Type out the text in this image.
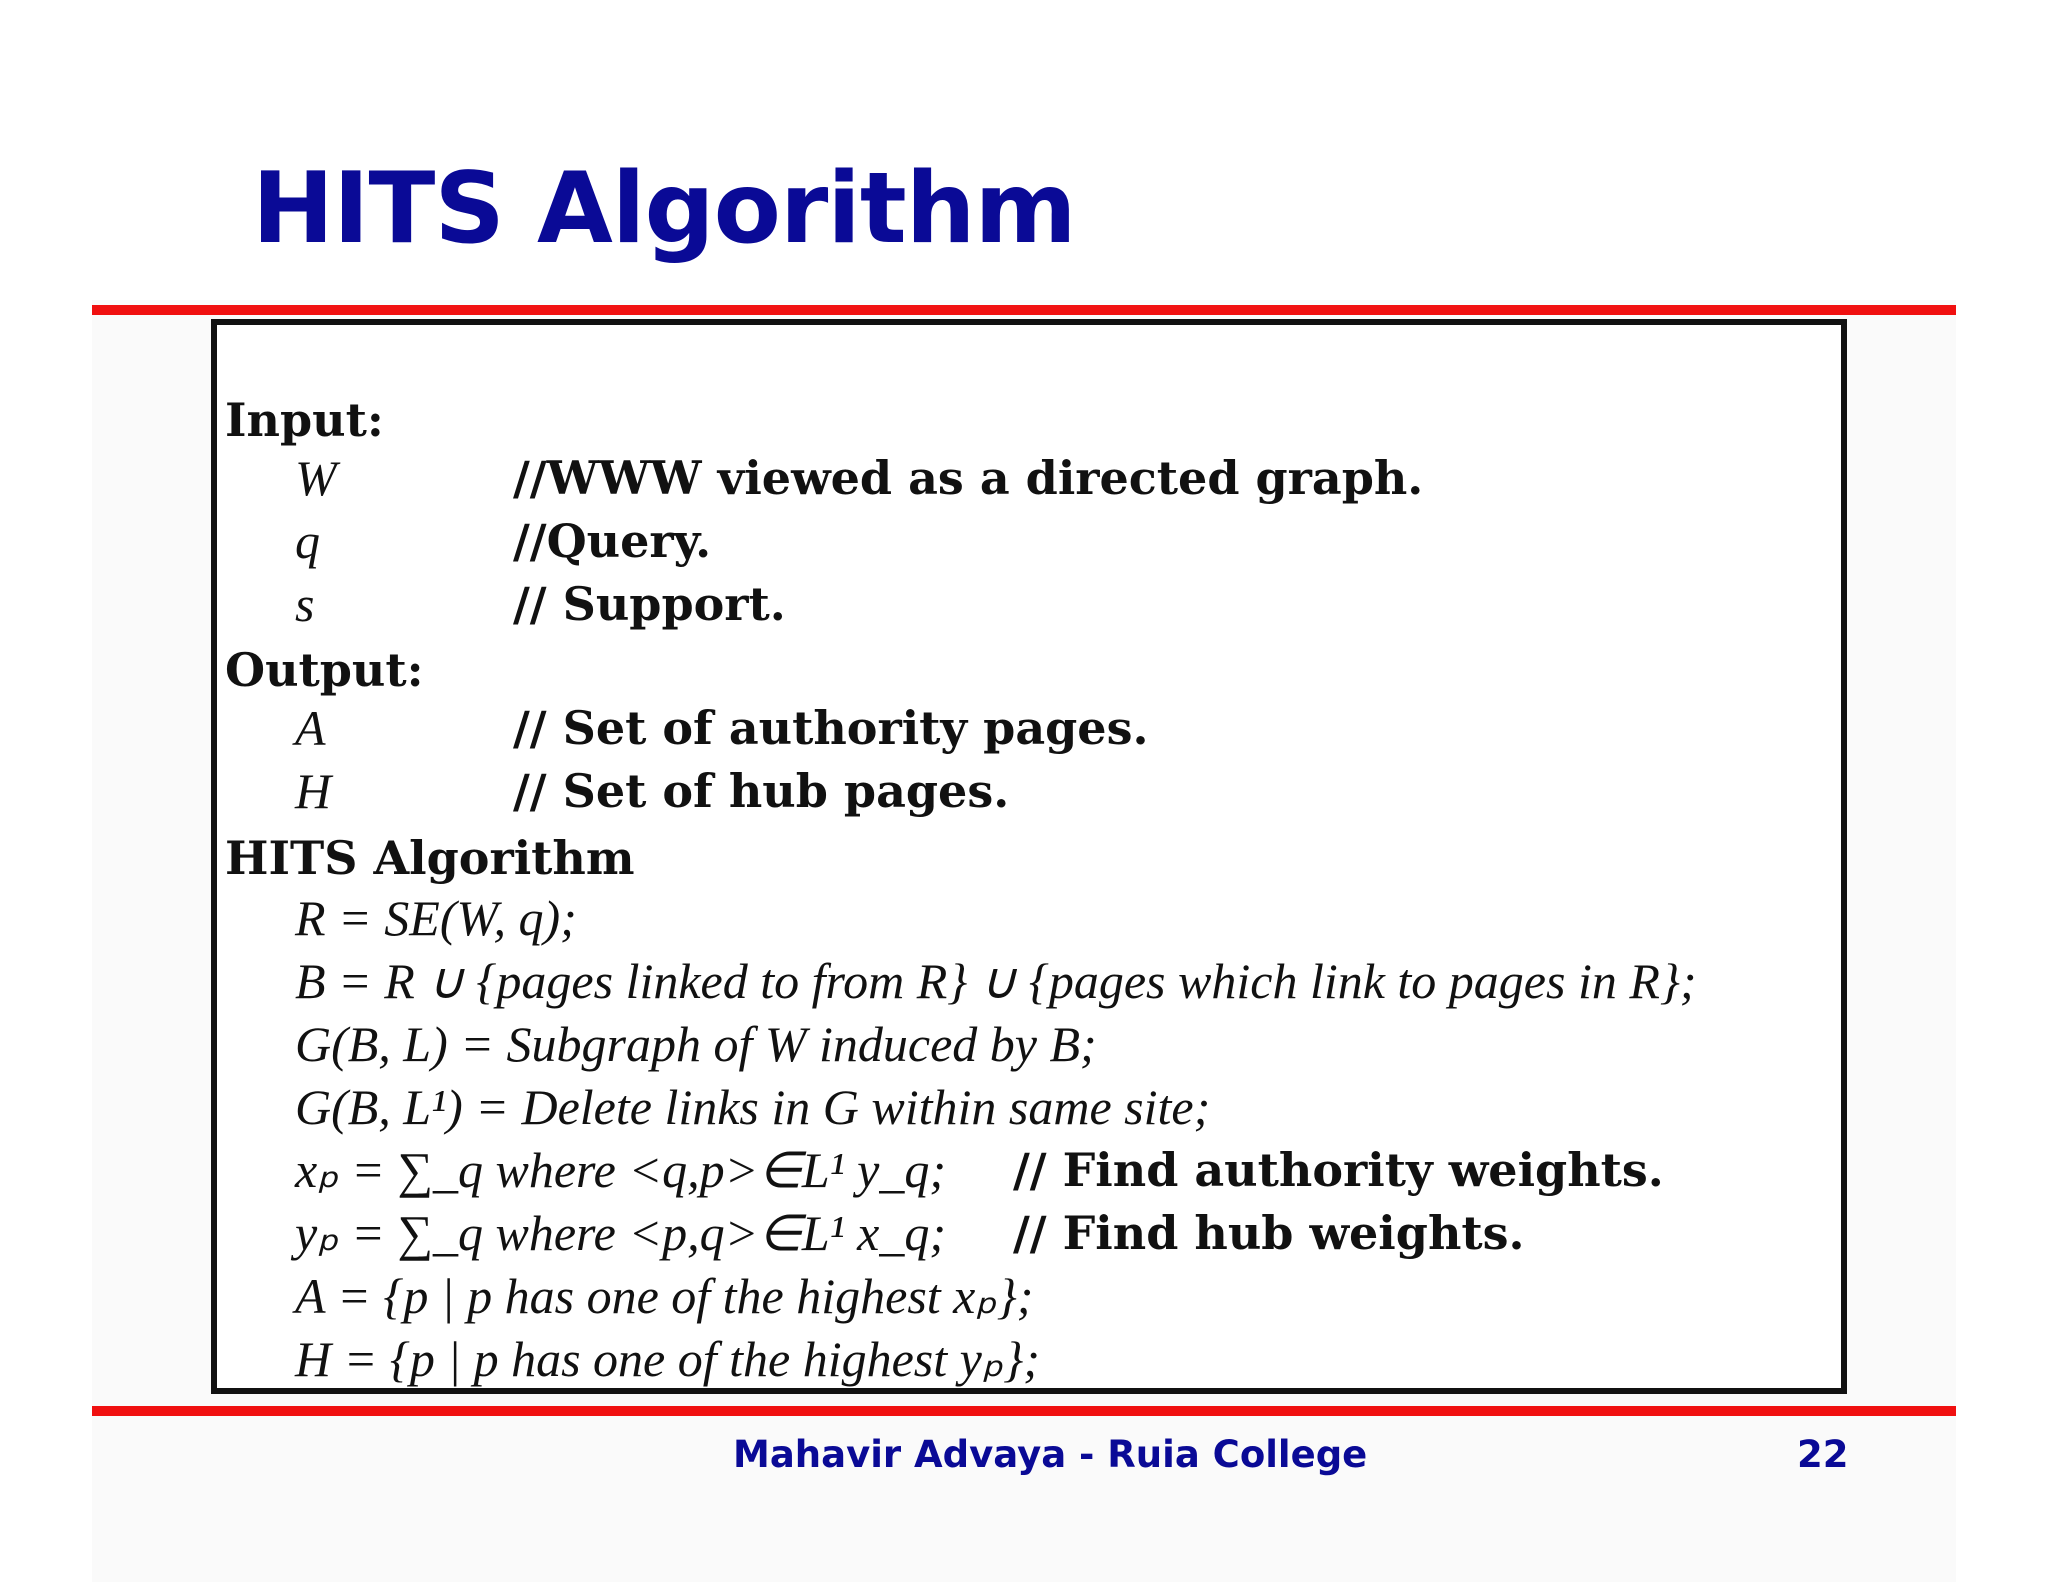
HITS Algorithm
Input:
W	//WWW viewed as a directed graph.
q	//Query.
s	// Support.
Output:
A	// Set of authority pages.
H	// Set of hub pages.
HITS Algorithm
R = SE(W, q);
B = R ∪ {pages linked to from R} ∪ {pages which link to pages in R};
G(B, L) = Subgraph of W induced by B;
G(B, L¹) = Delete links in G within same site;
xₚ = ∑_q where <q,p>∈L¹ y_q; // Find authority weights.
yₚ = ∑_q where <p,q>∈L¹ x_q; // Find hub weights.
A = {p | p has one of the highest xₚ};
H = {p | p has one of the highest yₚ};
Mahavir Advaya - Ruia College	22
